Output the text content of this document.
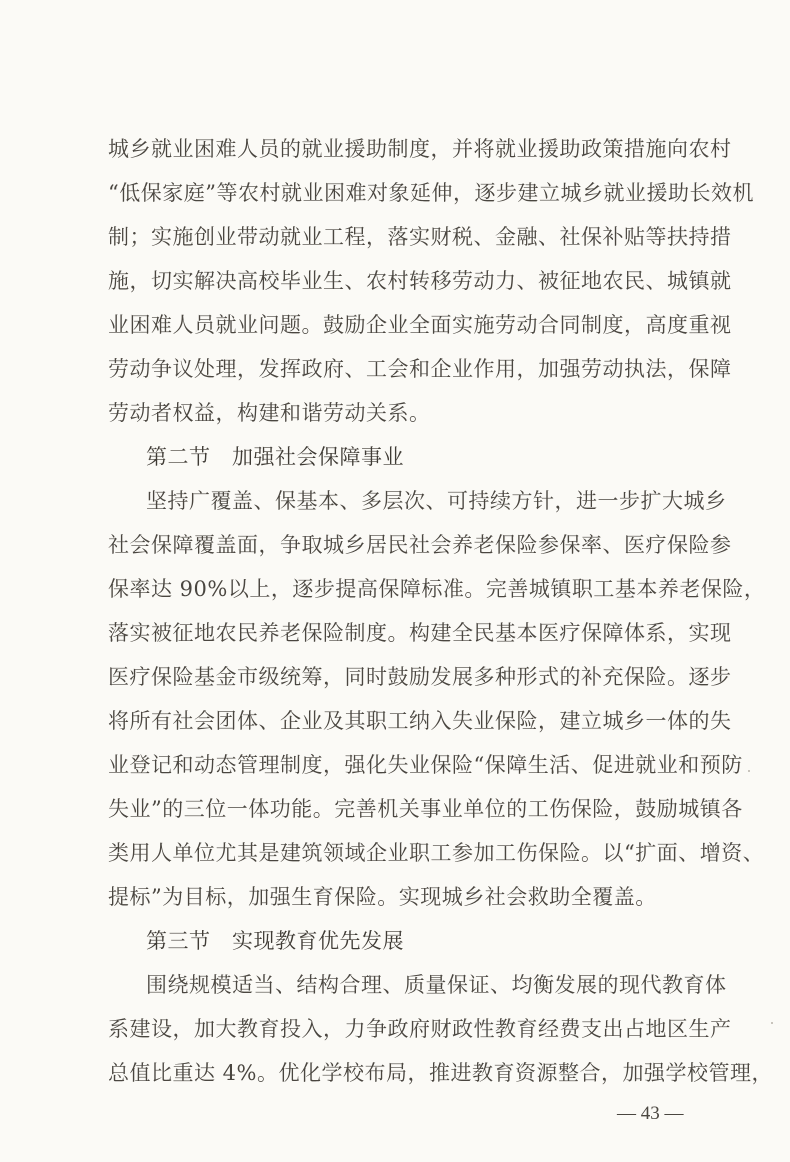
城乡就业困难人员的就业援助制度，并将就业援助政策措施向农村
“低保家庭”等农村就业困难对象延伸，逐步建立城乡就业援助长效机
制；实施创业带动就业工程，落实财税、金融、社保补贴等扶持措
施，切实解决高校毕业生、农村转移劳动力、被征地农民、城镇就
业困难人员就业问题。鼓励企业全面实施劳动合同制度，高度重视
劳动争议处理，发挥政府、工会和企业作用，加强劳动执法，保障
劳动者权益，构建和谐劳动关系。
第二节　加强社会保障事业
坚持广覆盖、保基本、多层次、可持续方针，进一步扩大城乡
社会保障覆盖面，争取城乡居民社会养老保险参保率、医疗保险参
保率达 90%以上，逐步提高保障标准。完善城镇职工基本养老保险，
落实被征地农民养老保险制度。构建全民基本医疗保障体系，实现
医疗保险基金市级统筹，同时鼓励发展多种形式的补充保险。逐步
将所有社会团体、企业及其职工纳入失业保险，建立城乡一体的失
业登记和动态管理制度，强化失业保险“保障生活、促进就业和预防
失业”的三位一体功能。完善机关事业单位的工伤保险，鼓励城镇各
类用人单位尤其是建筑领域企业职工参加工伤保险。以“扩面、增资、
提标”为目标，加强生育保险。实现城乡社会救助全覆盖。
第三节　实现教育优先发展
围绕规模适当、结构合理、质量保证、均衡发展的现代教育体
系建设，加大教育投入，力争政府财政性教育经费支出占地区生产
总值比重达 4%。优化学校布局，推进教育资源整合，加强学校管理，
— 43 —
